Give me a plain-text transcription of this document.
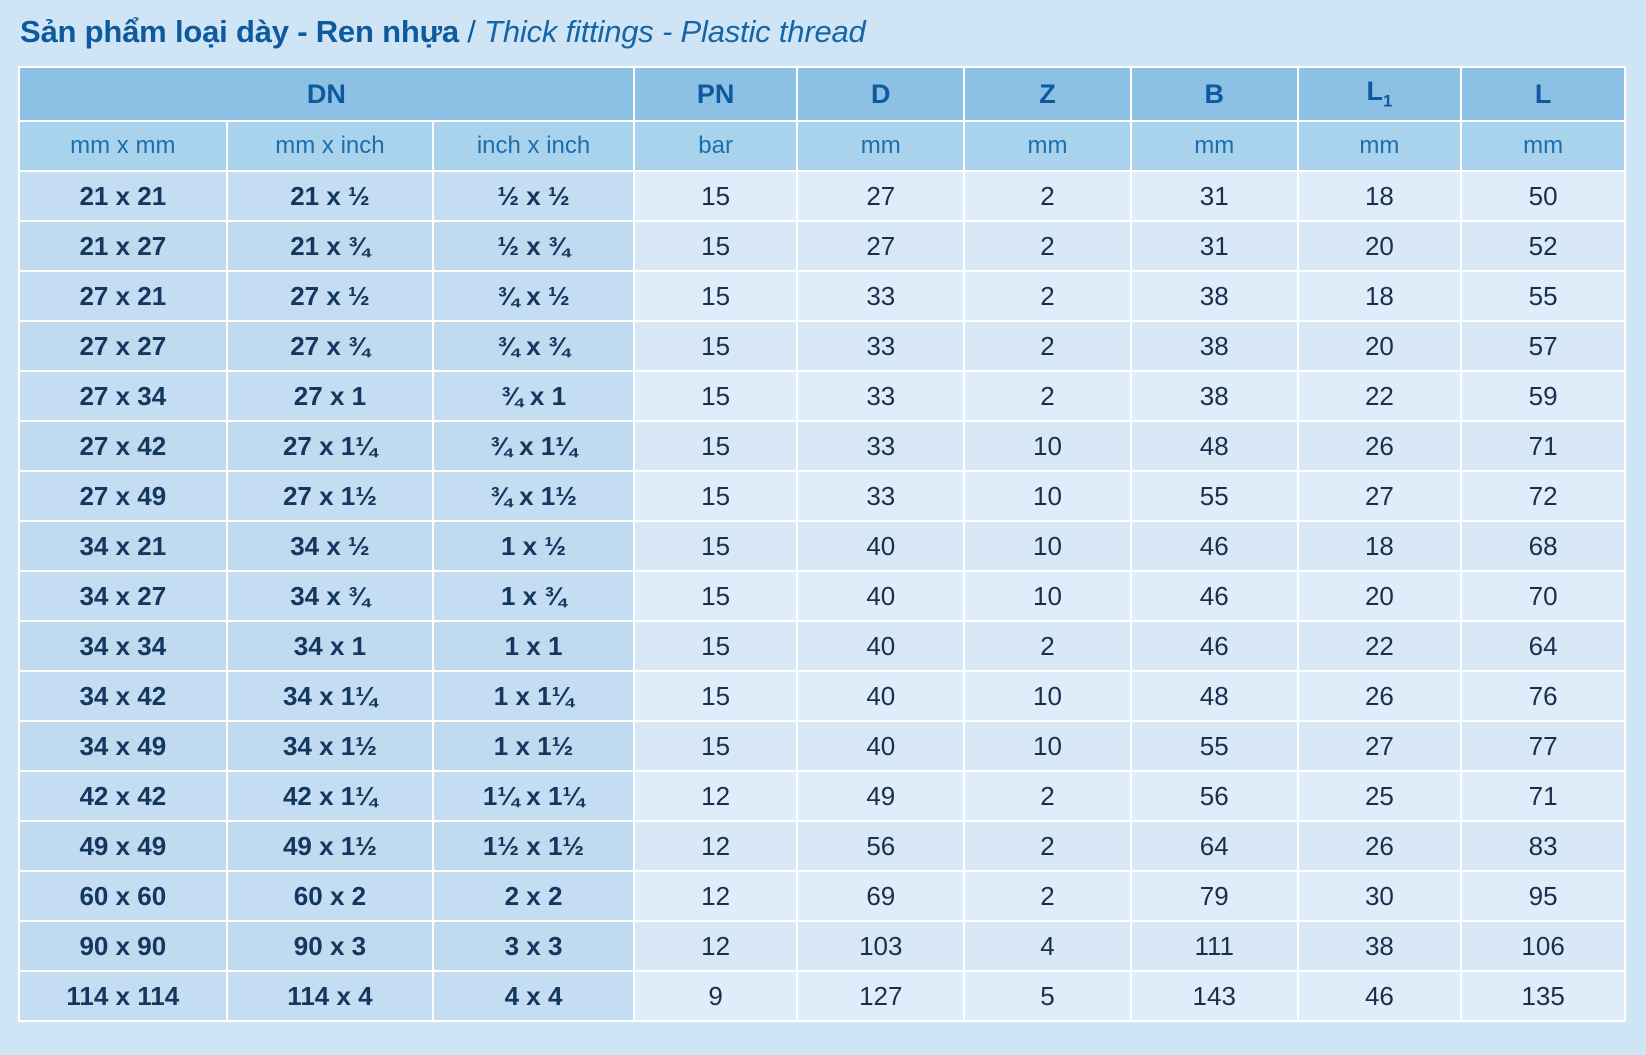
Sản phẩm loại dày - Ren nhựa / Thick fittings - Plastic thread
DN			PN	D	Z	B	$L_1$	L
mm x mm	mm x inch	inch x inch	bar	mm	mm	mm	mm	mm
21 x 21	21 x ½	½ x ½	15	27	2	31	18	50
21 x 27	21 x ¾	½ x ¾	15	27	2	31	20	52
27 x 21	27 x ½	¾ x ½	15	33	2	38	18	55
27 x 27	27 x ¾	¾ x ¾	15	33	2	38	20	57
27 x 34	27 x 1	¾ x 1	15	33	2	38	22	59
27 x 42	27 x 1¼	¾ x 1¼	15	33	10	48	26	71
27 x 49	27 x 1½	¾ x 1½	15	33	10	55	27	72
34 x 21	34 x ½	1 x ½	15	40	10	46	18	68
34 x 27	34 x ¾	1 x ¾	15	40	10	46	20	70
34 x 34	34 x 1	1 x 1	15	40	2	46	22	64
34 x 42	34 x 1¼	1 x 1¼	15	40	10	48	26	76
34 x 49	34 x 1½	1 x 1½	15	40	10	55	27	77
42 x 42	42 x 1¼	1¼ x 1¼	12	49	2	56	25	71
49 x 49	49 x 1½	1½ x 1½	12	56	2	64	26	83
60 x 60	60 x 2	2 x 2	12	69	2	79	30	95
90 x 90	90 x 3	3 x 3	12	103	4	111	38	106
114 x 114	114 x 4	4 x 4	9	127	5	143	46	135
